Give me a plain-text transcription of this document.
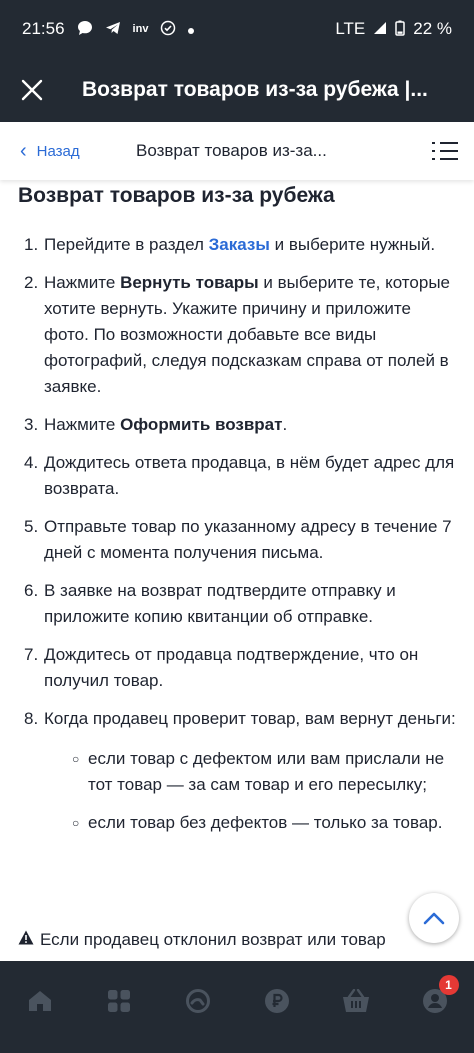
21:56	inv	LTE	22 %
Возврат товаров из-за рубежа |...
‹ Назад	Возврат товаров из-за...
Возврат товаров из-за рубежа
1. Перейдите в раздел Заказы и выберите нужный.
2. Нажмите Вернуть товары и выберите те, которые хотите вернуть. Укажите причину и приложите фото. По возможности добавьте все виды фотографий, следуя подсказкам справа от полей в заявке.
3. Нажмите Оформить возврат.
4. Дождитесь ответа продавца, в нём будет адрес для возврата.
5. Отправьте товар по указанному адресу в течение 7 дней с момента получения письма.
6. В заявке на возврат подтвердите отправку и приложите копию квитанции об отправке.
7. Дождитесь от продавца подтверждение, что он получил товар.
8. Когда продавец проверит товар, вам вернут деньги:
○ если товар с дефектом или вам прислали не тот товар — за сам товар и его пересылку;
○ если товар без дефектов — только за товар.
Если продавец отклонил возврат или товар
1
